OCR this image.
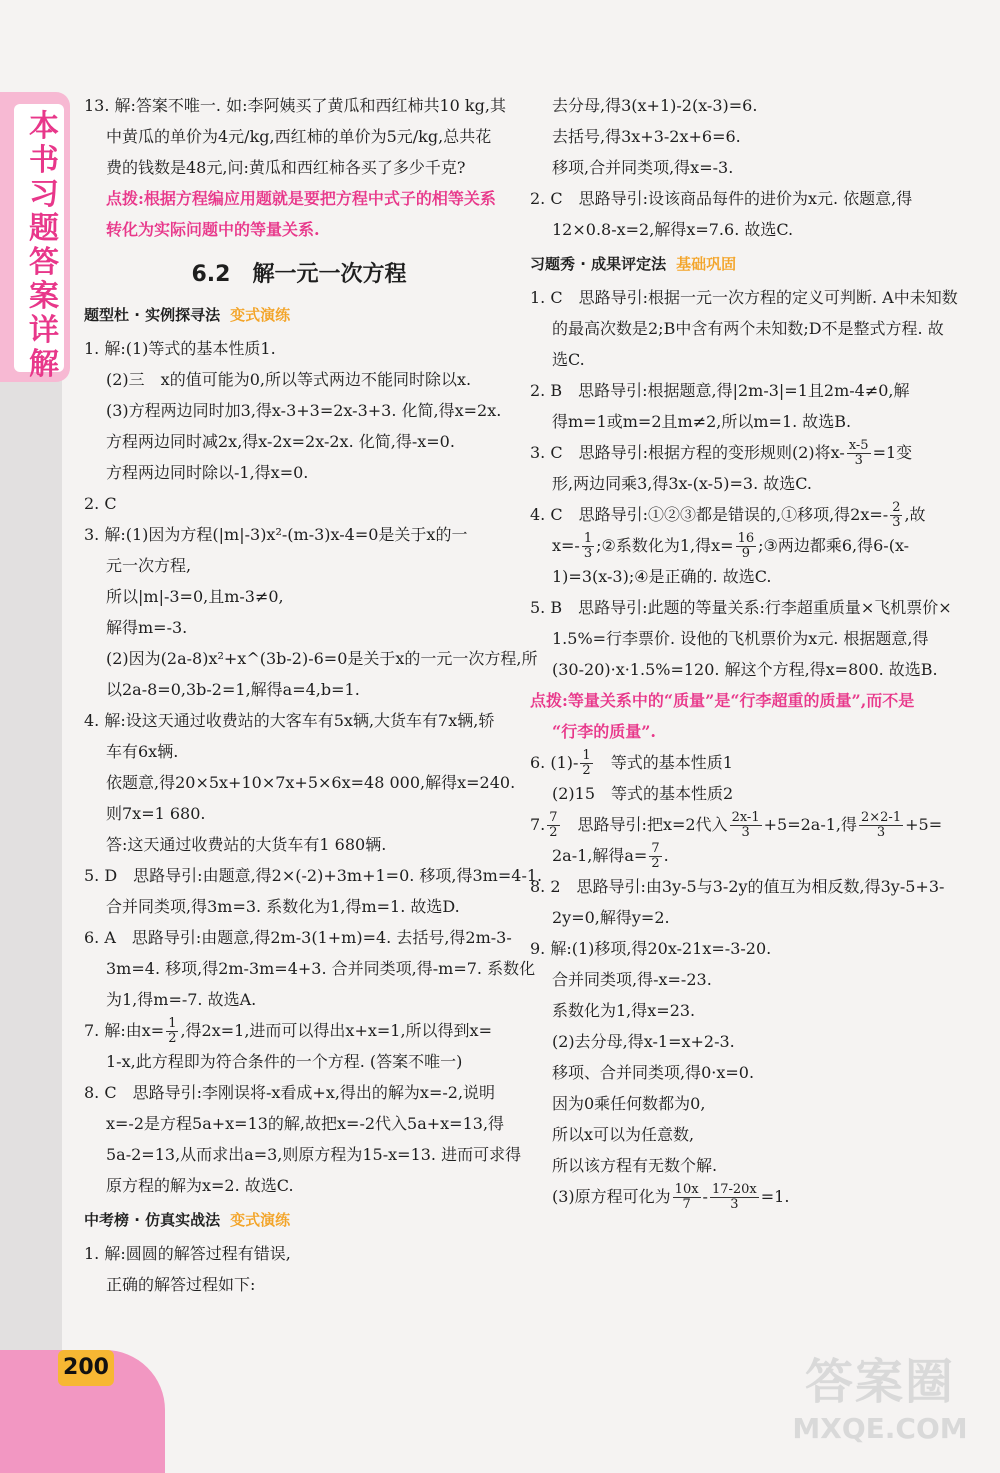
本书习题答案详解
200
13. 解:答案不唯一. 如:李阿姨买了黄瓜和西红柿共10 kg,其
中黄瓜的单价为4元/kg,西红柿的单价为5元/kg,总共花
费的钱数是48元,问:黄瓜和西红柿各买了多少千克?
点拨:根据方程编应用题就是要把方程中式子的相等关系
转化为实际问题中的等量关系.
6.2　解一元一次方程
题型杜 · 实例探寻法 变式演练
1. 解:(1)等式的基本性质1.
(2)三　x的值可能为0,所以等式两边不能同时除以x.
(3)方程两边同时加3,得x-3+3=2x-3+3. 化简,得x=2x.
方程两边同时减2x,得x-2x=2x-2x. 化简,得-x=0.
方程两边同时除以-1,得x=0.
2. C
3. 解:(1)因为方程(|m|-3)x²-(m-3)x-4=0是关于x的一
元一次方程,
所以|m|-3=0,且m-3≠0,
解得m=-3.
(2)因为(2a-8)x²+x^(3b-2)-6=0是关于x的一元一次方程,所
以2a-8=0,3b-2=1,解得a=4,b=1.
4. 解:设这天通过收费站的大客车有5x辆,大货车有7x辆,轿
车有6x辆.
依题意,得20×5x+10×7x+5×6x=48 000,解得x=240.
则7x=1 680.
答:这天通过收费站的大货车有1 680辆.
5. D　思路导引:由题意,得2×(-2)+3m+1=0. 移项,得3m=4-1.
合并同类项,得3m=3. 系数化为1,得m=1. 故选D.
6. A　思路导引:由题意,得2m-3(1+m)=4. 去括号,得2m-3-
3m=4. 移项,得2m-3m=4+3. 合并同类项,得-m=7. 系数化
为1,得m=-7. 故选A.
7. 解:由$x= \frac{1}{2}$ ,得2x=1,进而可以得出x+x=1,所以得到x=
1-x,此方程即为符合条件的一个方程. (答案不唯一)
8. C　思路导引:李刚误将-x看成+x,得出的解为x=-2,说明
x=-2是方程5a+x=13的解,故把x=-2代入5a+x=13,得
5a-2=13,从而求出a=3,则原方程为15-x=13. 进而可求得
原方程的解为x=2. 故选C.
中考榜 · 仿真实战法 变式演练
1. 解:圆圆的解答过程有错误,
正确的解答过程如下:
去分母,得3(x+1)-2(x-3)=6.
去括号,得3x+3-2x+6=6.
移项,合并同类项,得x=-3.
2. C　思路导引:设该商品每件的进价为x元. 依题意,得
12×0.8-x=2,解得x=7.6. 故选C.
习题秀 · 成果评定法 基础巩固
1. C　思路导引:根据一元一次方程的定义可判断. A中未知数
的最高次数是2;B中含有两个未知数;D不是整式方程. 故
选C.
2. B　思路导引:根据题意,得|2m-3|=1且2m-4≠0,解
得m=1或m=2且m≠2,所以m=1. 故选B.
3. C　思路导引:根据方程的变形规则(2)将$x- \frac{x-5}{3} =1$变
形,两边同乘3,得3x-(x-5)=3. 故选C.
4. C　思路导引:①②③都是错误的,①移项,得$2x=- \frac{2}{3}$ ,故
$x=- \frac{1}{3}$ ;②系数化为1,得$x= \frac{16}{9}$ ;③两边都乘6,得6-(x-
1)=3(x-3);④是正确的. 故选C.
5. B　思路导引:此题的等量关系:行李超重质量×飞机票价×
1.5%=行李票价. 设他的飞机票价为x元. 根据题意,得
(30-20)·x·1.5%=120. 解这个方程,得x=800. 故选B.
点拨:等量关系中的“质量”是“行李超重的质量”,而不是
“行李的质量”.
6. $(1)- \frac{1}{2}$ 　等式的基本性质1
(2)15　等式的基本性质2
7. $\frac{7}{2}$ 　思路导引:把x=2代入 $\frac{2x-1}{3} +5=2a-1$,得 $\frac{2\times 2-1}{3} +5=$
2a-1,解得$a= \frac{7}{2}$ .
8. 2　思路导引:由3y-5与3-2y的值互为相反数,得3y-5+3-
2y=0,解得y=2.
9. 解:(1)移项,得20x-21x=-3-20.
合并同类项,得-x=-23.
系数化为1,得x=23.
(2)去分母,得x-1=x+2-3.
移项、合并同类项,得0·x=0.
因为0乘任何数都为0,
所以x可以为任意数,
所以该方程有无数个解.
(3)原方程可化为 $\frac{10x}{7} - \frac{17-20x}{3} =1$.
答案圈
MXQE.COM
